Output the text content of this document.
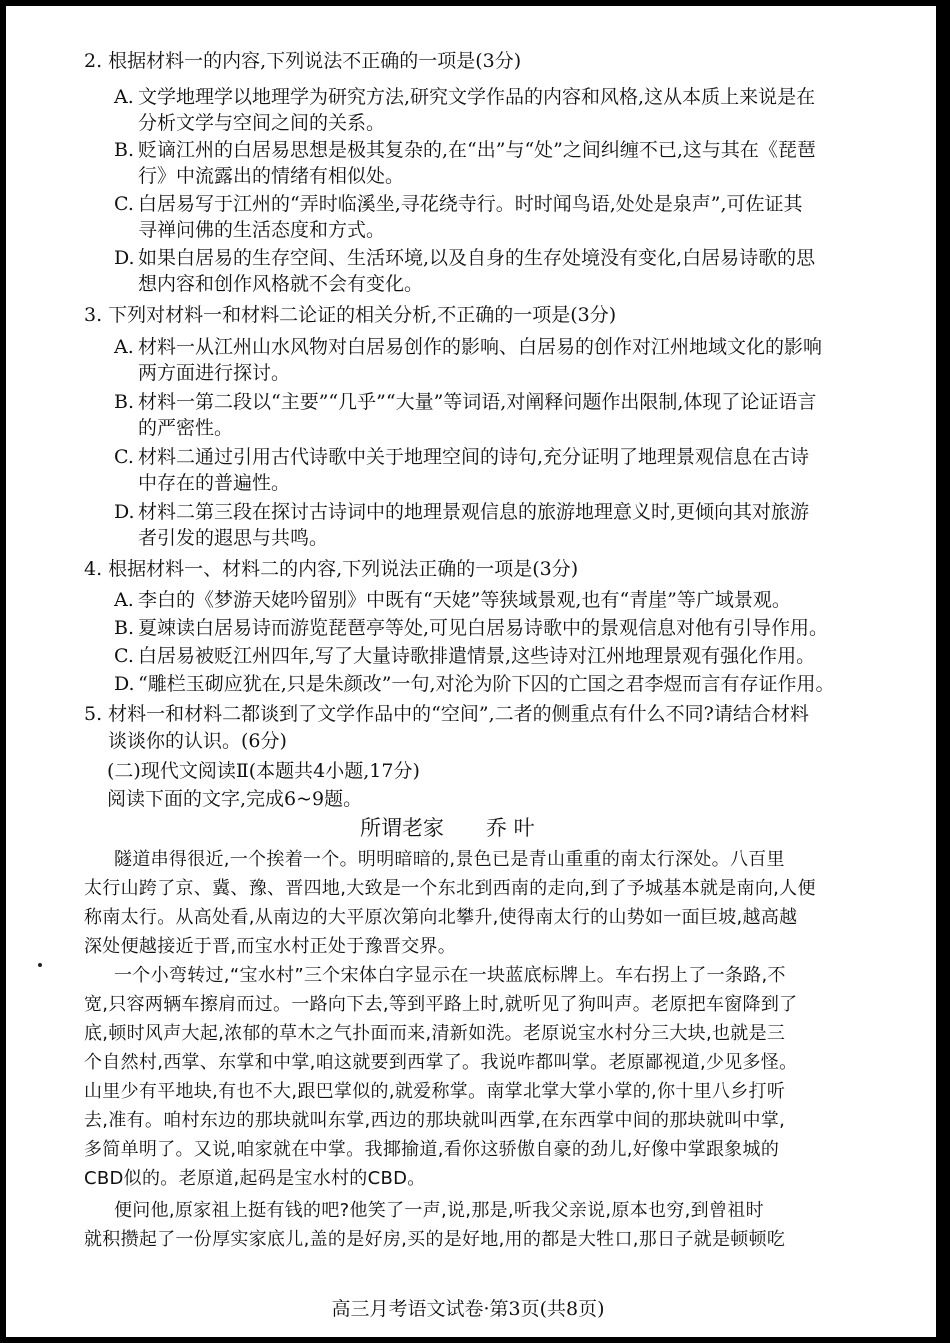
2. 根据材料一的内容,下列说法不正确的一项是(3分)
A. 文学地理学以地理学为研究方法,研究文学作品的内容和风格,这从本质上来说是在
分析文学与空间之间的关系。
B. 贬谪江州的白居易思想是极其复杂的,在“出”与“处”之间纠缠不已,这与其在《琵琶
行》中流露出的情绪有相似处。
C. 白居易写于江州的“弄时临溪坐,寻花绕寺行。时时闻鸟语,处处是泉声”,可佐证其
寻禅问佛的生活态度和方式。
D. 如果白居易的生存空间、生活环境,以及自身的生存处境没有变化,白居易诗歌的思
想内容和创作风格就不会有变化。
3. 下列对材料一和材料二论证的相关分析,不正确的一项是(3分)
A. 材料一从江州山水风物对白居易创作的影响、白居易的创作对江州地域文化的影响
两方面进行探讨。
B. 材料一第二段以“主要”“几乎”“大量”等词语,对阐释问题作出限制,体现了论证语言
的严密性。
C. 材料二通过引用古代诗歌中关于地理空间的诗句,充分证明了地理景观信息在古诗
中存在的普遍性。
D. 材料二第三段在探讨古诗词中的地理景观信息的旅游地理意义时,更倾向其对旅游
者引发的遐思与共鸣。
4. 根据材料一、材料二的内容,下列说法正确的一项是(3分)
A. 李白的《梦游天姥吟留别》中既有“天姥”等狭域景观,也有“青崖”等广域景观。
B. 夏竦读白居易诗而游览琵琶亭等处,可见白居易诗歌中的景观信息对他有引导作用。
C. 白居易被贬江州四年,写了大量诗歌排遣情景,这些诗对江州地理景观有强化作用。
D. “雕栏玉砌应犹在,只是朱颜改”一句,对沦为阶下囚的亡国之君李煜而言有存证作用。
5. 材料一和材料二都谈到了文学作品中的“空间”,二者的侧重点有什么不同?请结合材料
谈谈你的认识。(6分)
(二)现代文阅读Ⅱ(本题共4小题,17分)
阅读下面的文字,完成6~9题。
所谓老家 乔 叶
隧道串得很近,一个挨着一个。明明暗暗的,景色已是青山重重的南太行深处。八百里
太行山跨了京、冀、豫、晋四地,大致是一个东北到西南的走向,到了予城基本就是南向,人便
称南太行。从高处看,从南边的大平原次第向北攀升,使得南太行的山势如一面巨坡,越高越
深处便越接近于晋,而宝水村正处于豫晋交界。
一个小弯转过,“宝水村”三个宋体白字显示在一块蓝底标牌上。车右拐上了一条路,不
宽,只容两辆车擦肩而过。一路向下去,等到平路上时,就听见了狗叫声。老原把车窗降到了
底,顿时风声大起,浓郁的草木之气扑面而来,清新如洗。老原说宝水村分三大块,也就是三
个自然村,西掌、东掌和中掌,咱这就要到西掌了。我说咋都叫掌。老原鄙视道,少见多怪。
山里少有平地块,有也不大,跟巴掌似的,就爱称掌。南掌北掌大掌小掌的,你十里八乡打听
去,准有。咱村东边的那块就叫东掌,西边的那块就叫西掌,在东西掌中间的那块就叫中掌,
多简单明了。又说,咱家就在中掌。我揶揄道,看你这骄傲自豪的劲儿,好像中掌跟象城的
CBD似的。老原道,起码是宝水村的CBD。
便问他,原家祖上挺有钱的吧?他笑了一声,说,那是,听我父亲说,原本也穷,到曾祖时
就积攒起了一份厚实家底儿,盖的是好房,买的是好地,用的都是大牲口,那日子就是顿顿吃
高三月考语文试卷·第3页(共8页)
